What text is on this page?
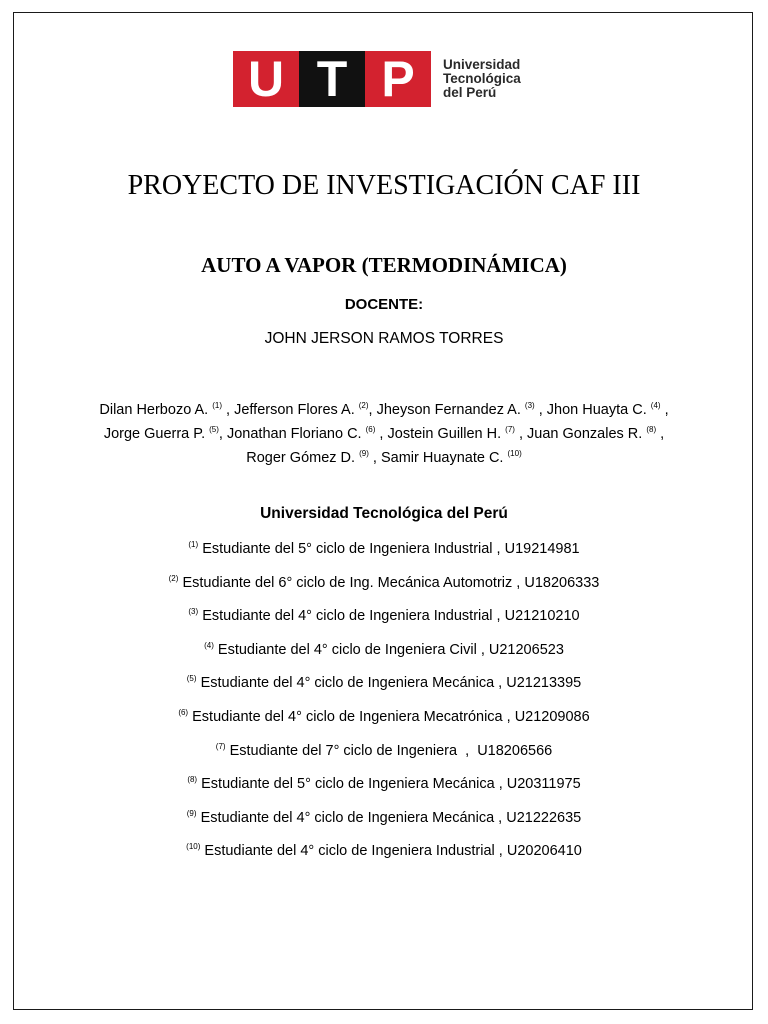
U T P	Universidad
Tecnológica
del Perú
PROYECTO DE INVESTIGACIÓN CAF III
AUTO A VAPOR (TERMODINÁMICA)
DOCENTE:
JOHN JERSON RAMOS TORRES
Dilan Herbozo A. $^{(1)}$ , Jefferson Flores A. $^{(2)}$, Jheyson Fernandez A. $^{(3)}$ , Jhon Huayta C. $^{(4)}$ , Jorge Guerra P. $^{(5)}$, Jonathan Floriano C. $^{(6)}$ , Jostein Guillen H. $^{(7)}$ , Juan Gonzales R. $^{(8)}$ , Roger Gómez D. $^{(9)}$ , Samir Huaynate C. $^{(10)}$
Universidad Tecnológica del Perú
$^{(1)}$ Estudiante del 5° ciclo de Ingeniera Industrial , U19214981
$^{(2)}$ Estudiante del 6° ciclo de Ing. Mecánica Automotriz , U18206333
$^{(3)}$ Estudiante del 4° ciclo de Ingeniera Industrial , U21210210
$^{(4)}$ Estudiante del 4° ciclo de Ingeniera Civil , U21206523
$^{(5)}$ Estudiante del 4° ciclo de Ingeniera Mecánica , U21213395
$^{(6)}$ Estudiante del 4° ciclo de Ingeniera Mecatrónica , U21209086
$^{(7)}$ Estudiante del 7° ciclo de Ingeniera  ,  U18206566
$^{(8)}$ Estudiante del 5° ciclo de Ingeniera Mecánica , U20311975
$^{(9)}$ Estudiante del 4° ciclo de Ingeniera Mecánica , U21222635
$^{(10)}$ Estudiante del 4° ciclo de Ingeniera Industrial , U20206410
